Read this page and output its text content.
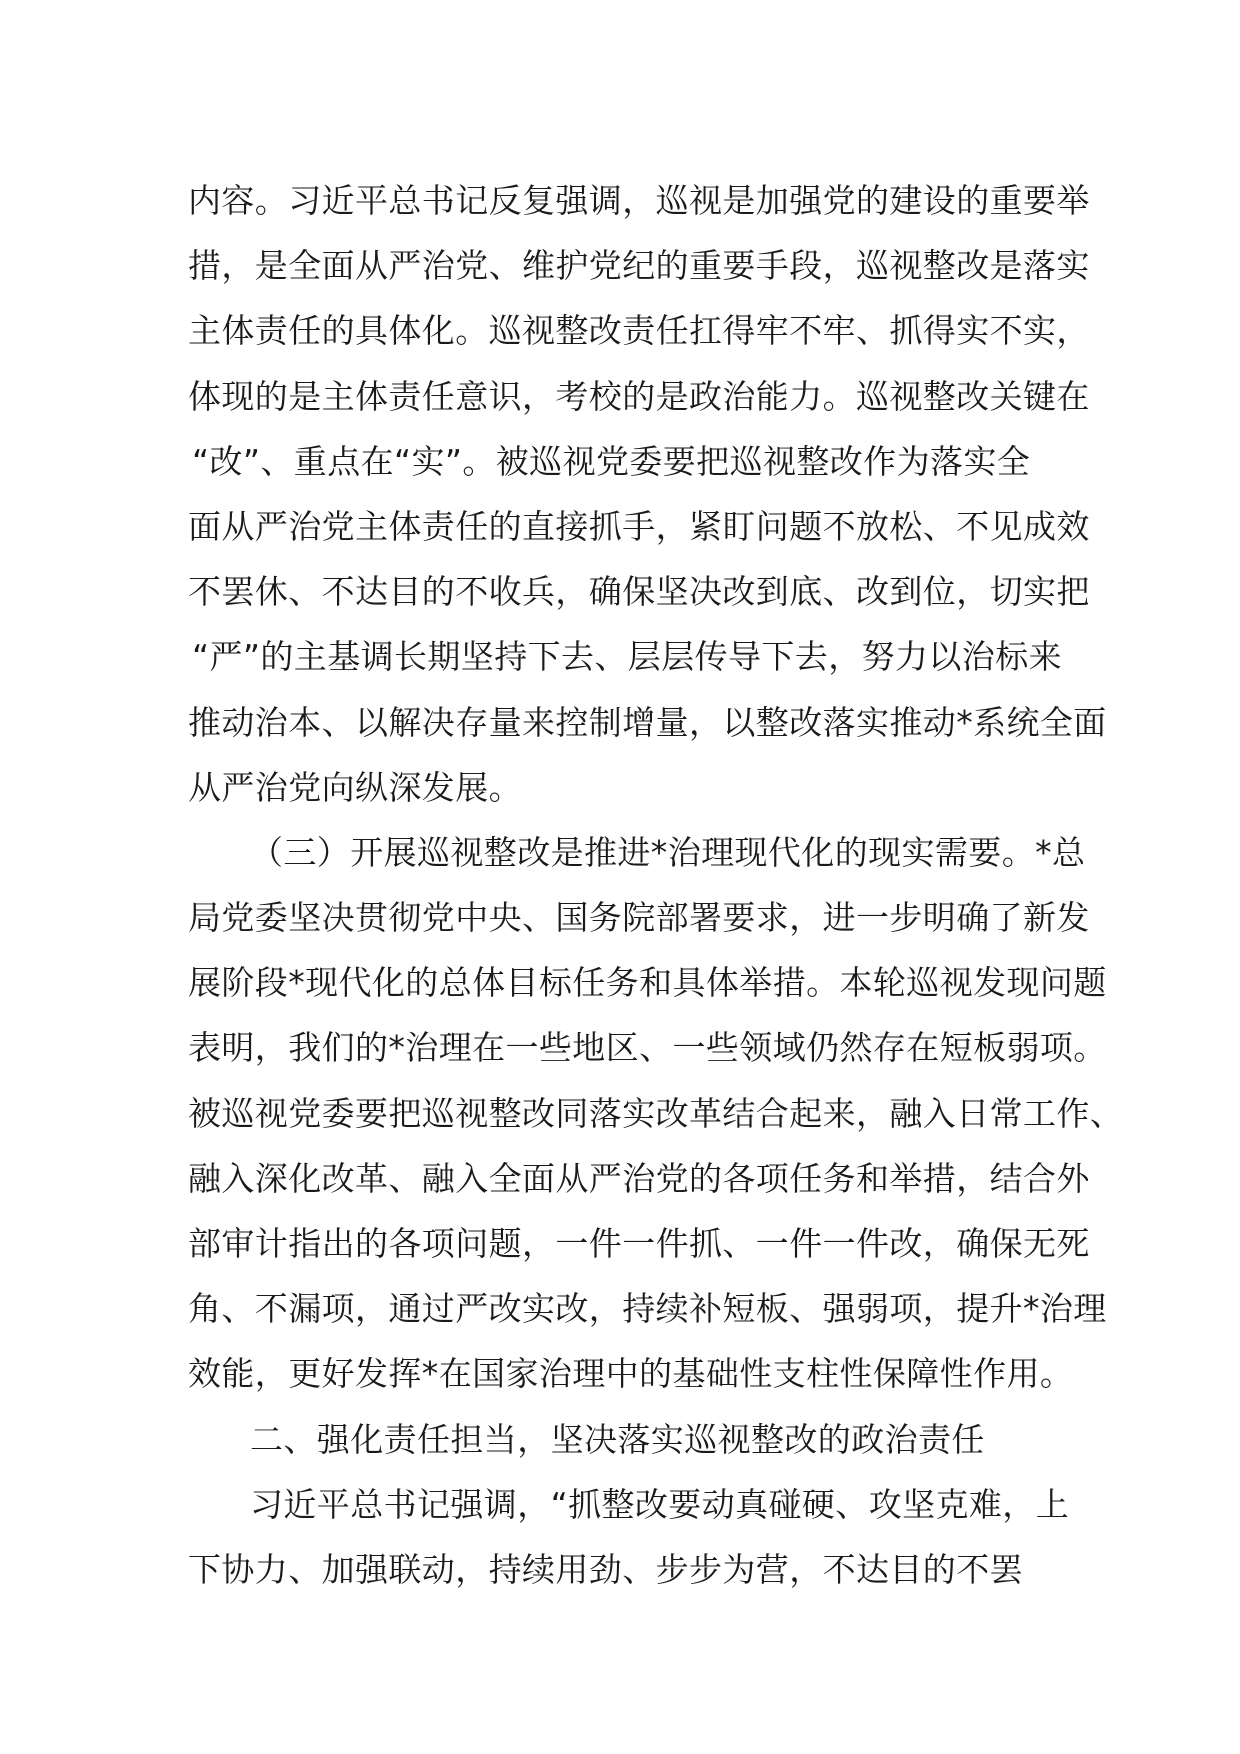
内容。习近平总书记反复强调，巡视是加强党的建设的重要举
措，是全面从严治党、维护党纪的重要手段，巡视整改是落实
主体责任的具体化。巡视整改责任扛得牢不牢、抓得实不实，
体现的是主体责任意识，考校的是政治能力。巡视整改关键在
“改”、重点在“实”。被巡视党委要把巡视整改作为落实全
面从严治党主体责任的直接抓手，紧盯问题不放松、不见成效
不罢休、不达目的不收兵，确保坚决改到底、改到位，切实把
“严”的主基调长期坚持下去、层层传导下去，努力以治标来
推动治本、以解决存量来控制增量，以整改落实推动*系统全面
从严治党向纵深发展。
（三）开展巡视整改是推进*治理现代化的现实需要。*总
局党委坚决贯彻党中央、国务院部署要求，进一步明确了新发
展阶段*现代化的总体目标任务和具体举措。本轮巡视发现问题
表明，我们的*治理在一些地区、一些领域仍然存在短板弱项。
被巡视党委要把巡视整改同落实改革结合起来，融入日常工作、
融入深化改革、融入全面从严治党的各项任务和举措，结合外
部审计指出的各项问题，一件一件抓、一件一件改，确保无死
角、不漏项，通过严改实改，持续补短板、强弱项，提升*治理
效能，更好发挥*在国家治理中的基础性支柱性保障性作用。
二、强化责任担当，坚决落实巡视整改的政治责任
习近平总书记强调，“抓整改要动真碰硬、攻坚克难，上
下协力、加强联动，持续用劲、步步为营，不达目的不罢
